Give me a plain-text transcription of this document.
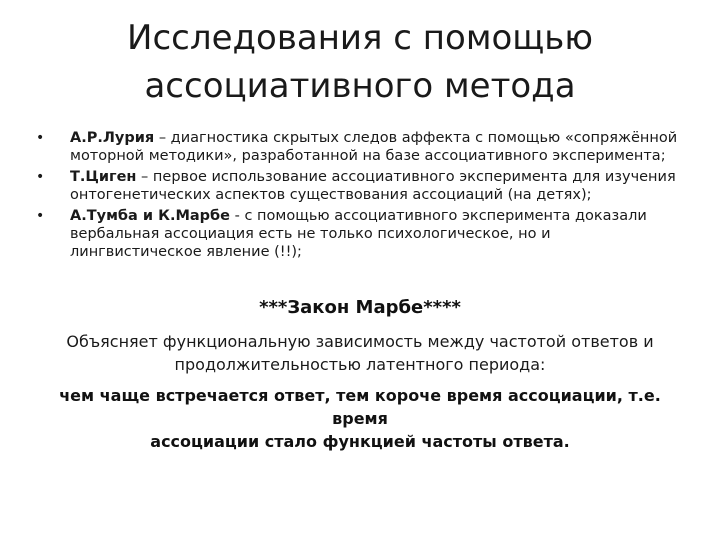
Исследования с помощью
ассоциативного метода
• А.Р.Лурия – диагностика скрытых следов аффекта с помощью «сопряжённой моторной методики», разработанной на базе ассоциативного эксперимента;
• Т.Циген – первое использование ассоциативного эксперимента для изучения онтогенетических аспектов существования ассоциаций (на детях);
• А.Тумба и К.Марбе - с помощью ассоциативного эксперимента доказали вербальная ассоциация есть не только психологическое, но и лингвистическое явление (!!);
***Закон Марбе****
Объясняет функциональную зависимость между частотой ответов и
продолжительностью латентного периода:
чем чаще встречается ответ, тем короче время ассоциации, т.е. время
ассоциации стало функцией частоты ответа.
